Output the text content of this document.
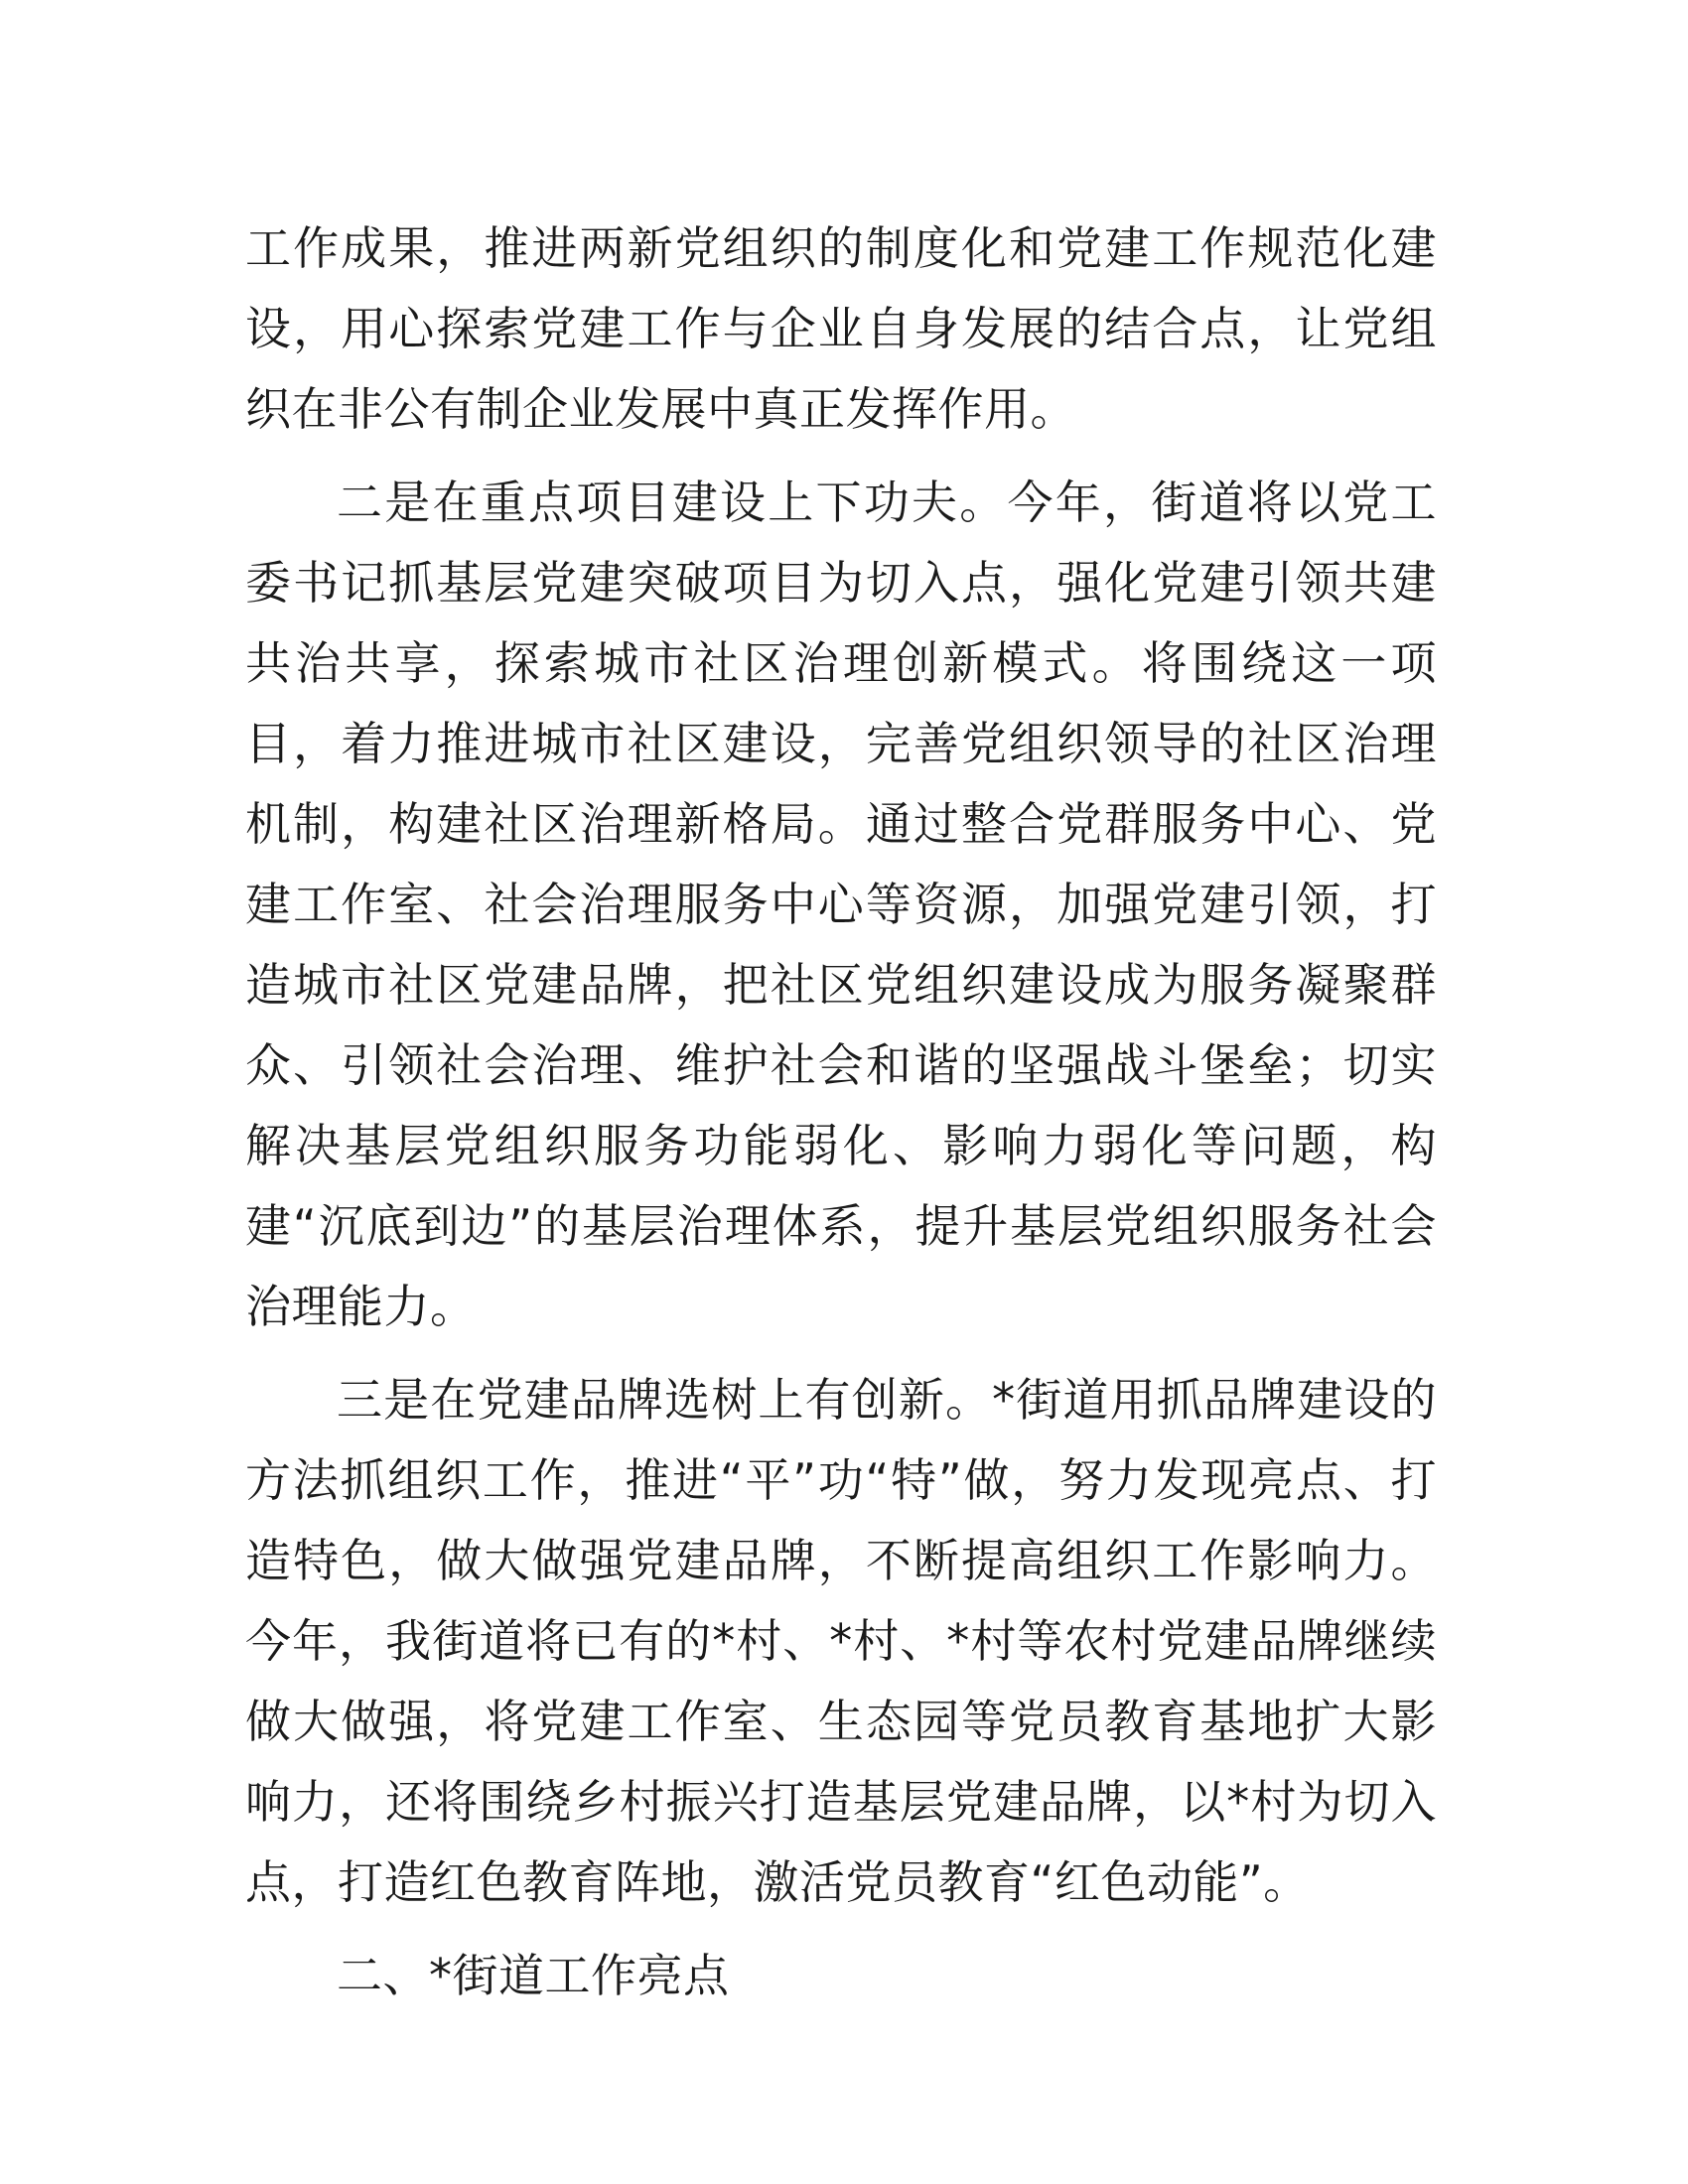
工作成果，推进两新党组织的制度化和党建工作规范化建设，用心探索党建工作与企业自身发展的结合点，让党组织在非公有制企业发展中真正发挥作用。

二是在重点项目建设上下功夫。今年，街道将以党工委书记抓基层党建突破项目为切入点，强化党建引领共建共治共享，探索城市社区治理创新模式。将围绕这一项目，着力推进城市社区建设，完善党组织领导的社区治理机制，构建社区治理新格局。通过整合党群服务中心、党建工作室、社会治理服务中心等资源，加强党建引领，打造城市社区党建品牌，把社区党组织建设成为服务凝聚群众、引领社会治理、维护社会和谐的坚强战斗堡垒；切实解决基层党组织服务功能弱化、影响力弱化等问题，构建“沉底到边”的基层治理体系，提升基层党组织服务社会治理能力。

三是在党建品牌选树上有创新。*街道用抓品牌建设的方法抓组织工作，推进“平”功“特”做，努力发现亮点、打造特色，做大做强党建品牌，不断提高组织工作影响力。今年，我街道将已有的*村、*村、*村等农村党建品牌继续做大做强，将党建工作室、生态园等党员教育基地扩大影响力，还将围绕乡村振兴打造基层党建品牌，以*村为切入点，打造红色教育阵地，激活党员教育“红色动能”。

二、*街道工作亮点
